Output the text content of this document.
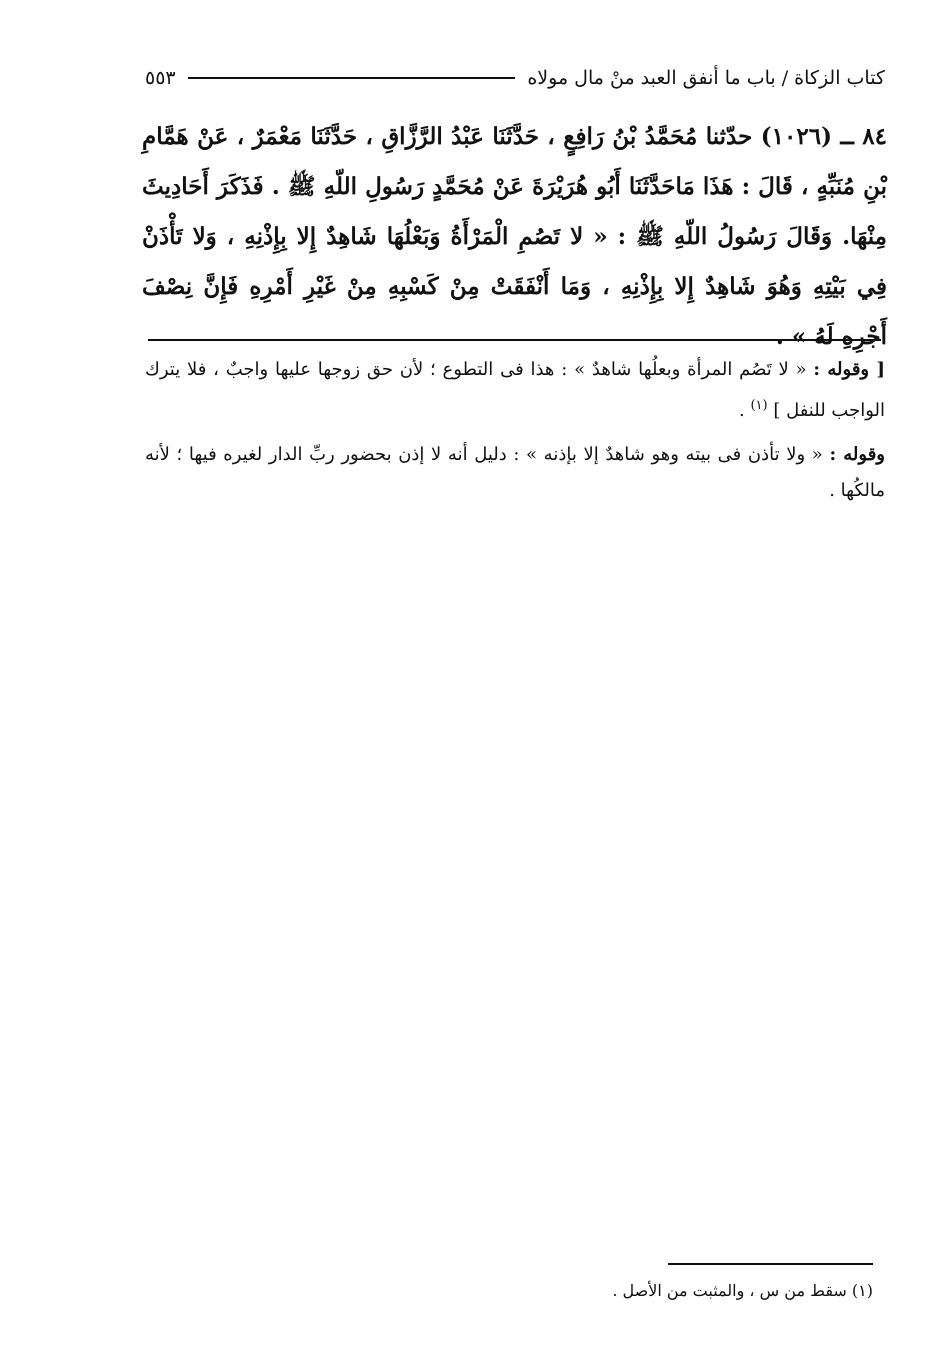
كتاب الزكاة / باب ما أنفق العبد منْ مال مولاه
٥٥٣

٨٤ ــ (١٠٢٦) حدّثنا مُحَمَّدُ بْنُ رَافِعٍ ، حَدَّثَنَا عَبْدُ الرَّزَّاقِ ، حَدَّثَنَا مَعْمَرٌ ، عَنْ هَمَّامِ بْنِ مُنَبِّهٍ ، قَالَ : هَذَا مَاحَدَّثَنَا أَبُو هُرَيْرَةَ عَنْ مُحَمَّدٍ رَسُولِ اللّهِ ﷺ . فَذَكَرَ أَحَادِيثَ مِنْهَا. وَقَالَ رَسُولُ اللّهِ ﷺ : « لا تَصُمِ الْمَرْأَةُ وَبَعْلُهَا شَاهِدٌ إِلا بِإِذْنِهِ ، وَلا تَأْذَنْ فِي بَيْتِهِ وَهُوَ شَاهِدٌ إِلا بِإِذْنِهِ ، وَمَا أَنْفَقَتْ مِنْ كَسْبِهِ مِنْ غَيْرِ أَمْرِهِ فَإِنَّ نِصْفَ أَجْرِهِ لَهُ » .

[ وقوله : « لا تَصُم المرأة وبعلُها شاهدٌ » : هذا فى التطوع ؛ لأن حق زوجها عليها واجبٌ ، فلا يترك الواجب للنفل ] $^{(١)}$ .

وقوله : « ولا تأذن فى بيته وهو شاهدٌ إلا بإذنه » : دليل أنه لا إذن بحضور ربِّ الدار لغيره فيها ؛ لأنه مالكُها .

(١) سقط من س ، والمثبت من الأصل .
